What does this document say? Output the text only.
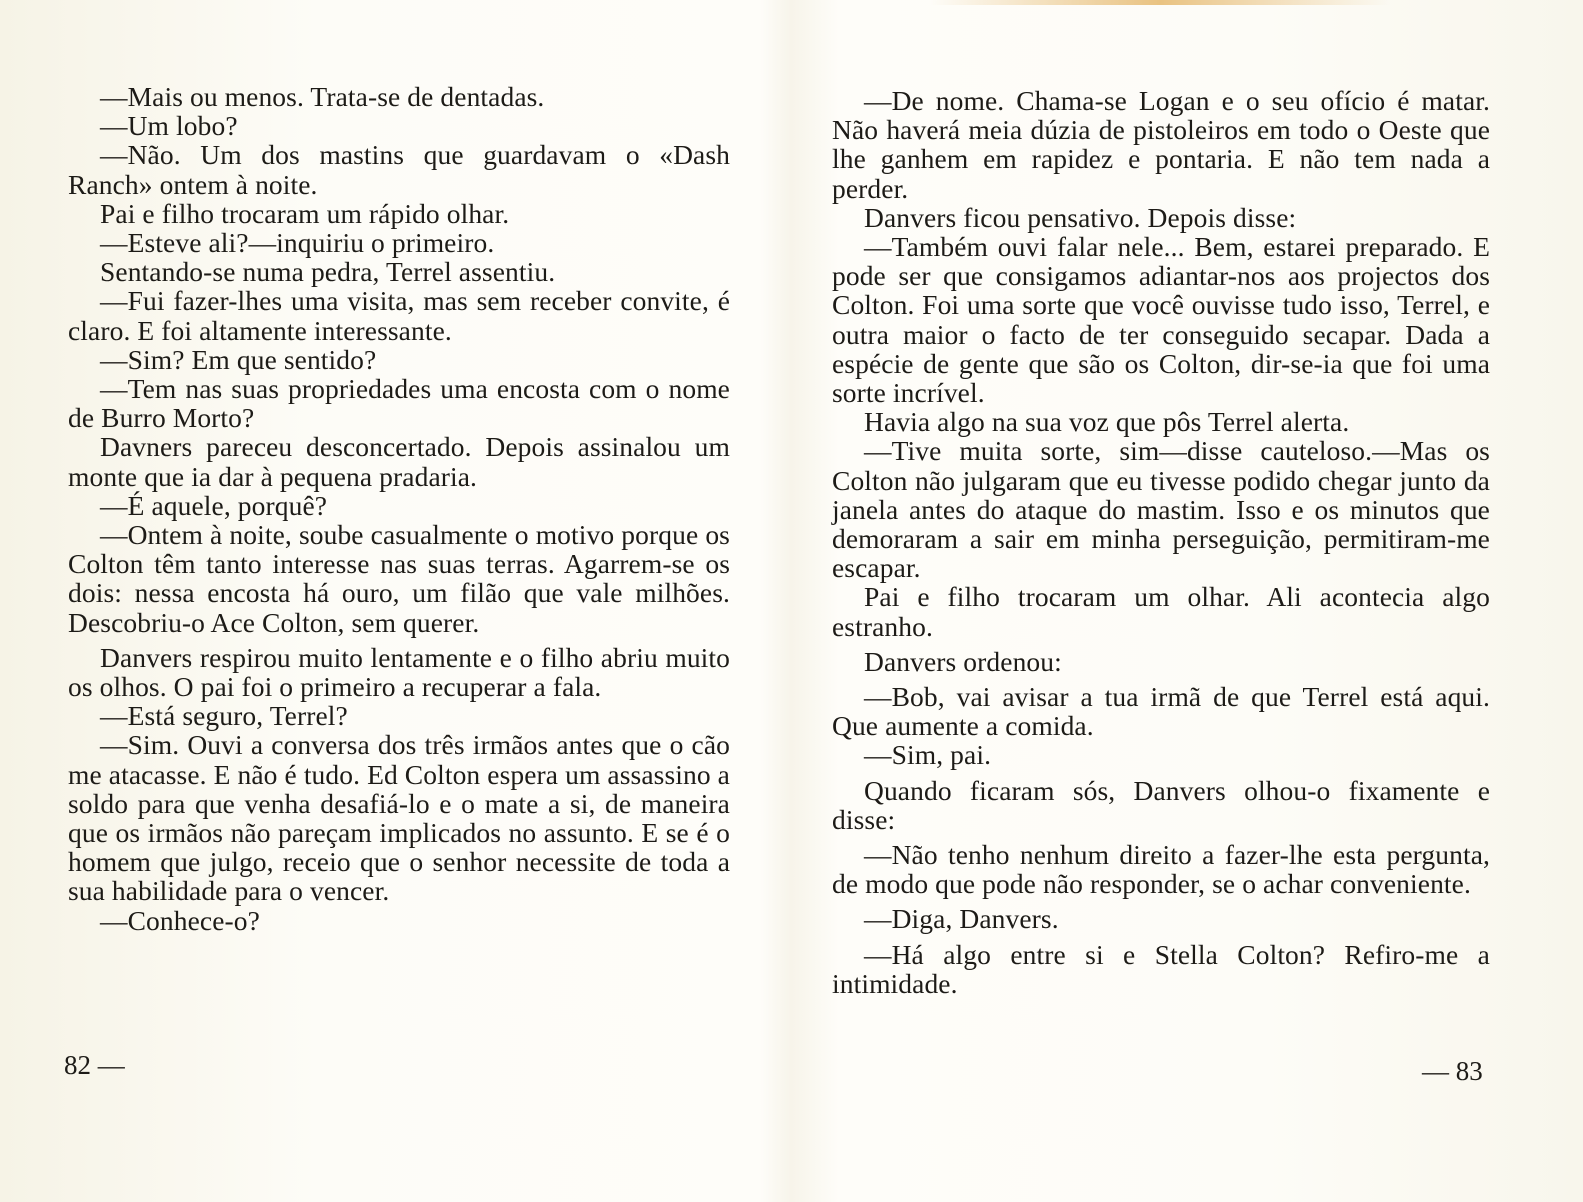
—Mais ou menos. Trata-se de dentadas.

—Um lobo?

—Não. Um dos mastins que guardavam o «Dash Ranch» ontem à noite.

Pai e filho trocaram um rápido olhar.

—Esteve ali?—inquiriu o primeiro.

Sentando-se numa pedra, Terrel assentiu.

—Fui fazer-lhes uma visita, mas sem receber convite, é claro. E foi altamente interessante.

—Sim? Em que sentido?

—Tem nas suas propriedades uma encosta com o nome de Burro Morto?

Davners pareceu desconcertado. Depois assinalou um monte que ia dar à pequena pradaria.

—É aquele, porquê?

—Ontem à noite, soube casualmente o motivo porque os Colton têm tanto interesse nas suas terras. Agarrem-se os dois: nessa encosta há ouro, um filão que vale milhões. Descobriu-o Ace Colton, sem querer.

Danvers respirou muito lentamente e o filho abriu muito os olhos. O pai foi o primeiro a recuperar a fala.

—Está seguro, Terrel?

—Sim. Ouvi a conversa dos três irmãos antes que o cão me atacasse. E não é tudo. Ed Colton espera um assassino a soldo para que venha desafiá-lo e o mate a si, de maneira que os irmãos não pareçam implicados no assunto. E se é o homem que julgo, receio que o senhor necessite de toda a sua habilidade para o vencer.

—Conhece-o?

82 —

—De nome. Chama-se Logan e o seu ofício é matar. Não haverá meia dúzia de pistoleiros em todo o Oeste que lhe ganhem em rapidez e pontaria. E não tem nada a perder.

Danvers ficou pensativo. Depois disse:

—Também ouvi falar nele... Bem, estarei preparado. E pode ser que consigamos adiantar-nos aos projectos dos Colton. Foi uma sorte que você ouvisse tudo isso, Terrel, e outra maior o facto de ter conseguido secapar. Dada a espécie de gente que são os Colton, dir-se-ia que foi uma sorte incrível.

Havia algo na sua voz que pôs Terrel alerta.

—Tive muita sorte, sim—disse cauteloso.—Mas os Colton não julgaram que eu tivesse podido chegar junto da janela antes do ataque do mastim. Isso e os minutos que demoraram a sair em minha perseguição, permitiram-me escapar.

Pai e filho trocaram um olhar. Ali acontecia algo estranho.

Danvers ordenou:

—Bob, vai avisar a tua irmã de que Terrel está aqui. Que aumente a comida.

—Sim, pai.

Quando ficaram sós, Danvers olhou-o fixamente e disse:

—Não tenho nenhum direito a fazer-lhe esta pergunta, de modo que pode não responder, se o achar conveniente.

—Diga, Danvers.

—Há algo entre si e Stella Colton? Refiro-me a intimidade.

— 83
